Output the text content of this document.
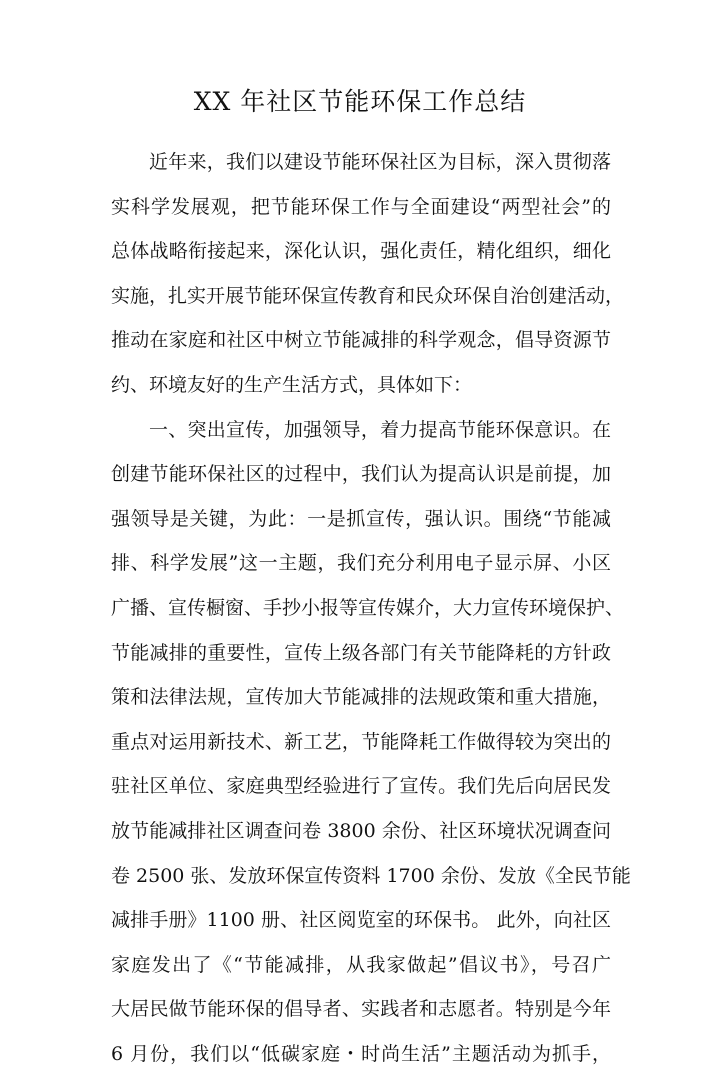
XX 年社区节能环保工作总结
近年来，我们以建设节能环保社区为目标，深入贯彻落
实科学发展观，把节能环保工作与全面建设“两型社会”的
总体战略衔接起来，深化认识，强化责任，精化组织，细化
实施，扎实开展节能环保宣传教育和民众环保自治创建活动，
推动在家庭和社区中树立节能减排的科学观念，倡导资源节
约、环境友好的生产生活方式，具体如下：
一、突出宣传，加强领导，着力提高节能环保意识。在
创建节能环保社区的过程中，我们认为提高认识是前提，加
强领导是关键，为此：一是抓宣传，强认识。围绕“节能减
排、科学发展”这一主题，我们充分利用电子显示屏、小区
广播、宣传橱窗、手抄小报等宣传媒介，大力宣传环境保护、
节能减排的重要性，宣传上级各部门有关节能降耗的方针政
策和法律法规，宣传加大节能减排的法规政策和重大措施，
重点对运用新技术、新工艺，节能降耗工作做得较为突出的
驻社区单位、家庭典型经验进行了宣传。我们先后向居民发
放节能减排社区调查问卷 3800 余份、社区环境状况调查问
卷 2500 张、发放环保宣传资料 1700 余份、发放《全民节能
减排手册》1100 册、社区阅览室的环保书。 此外，向社区
家庭发出了《“节能减排，从我家做起”倡议书》，号召广
大居民做节能环保的倡导者、实践者和志愿者。特别是今年
6 月份，我们以“低碳家庭・时尚生活”主题活动为抓手，
